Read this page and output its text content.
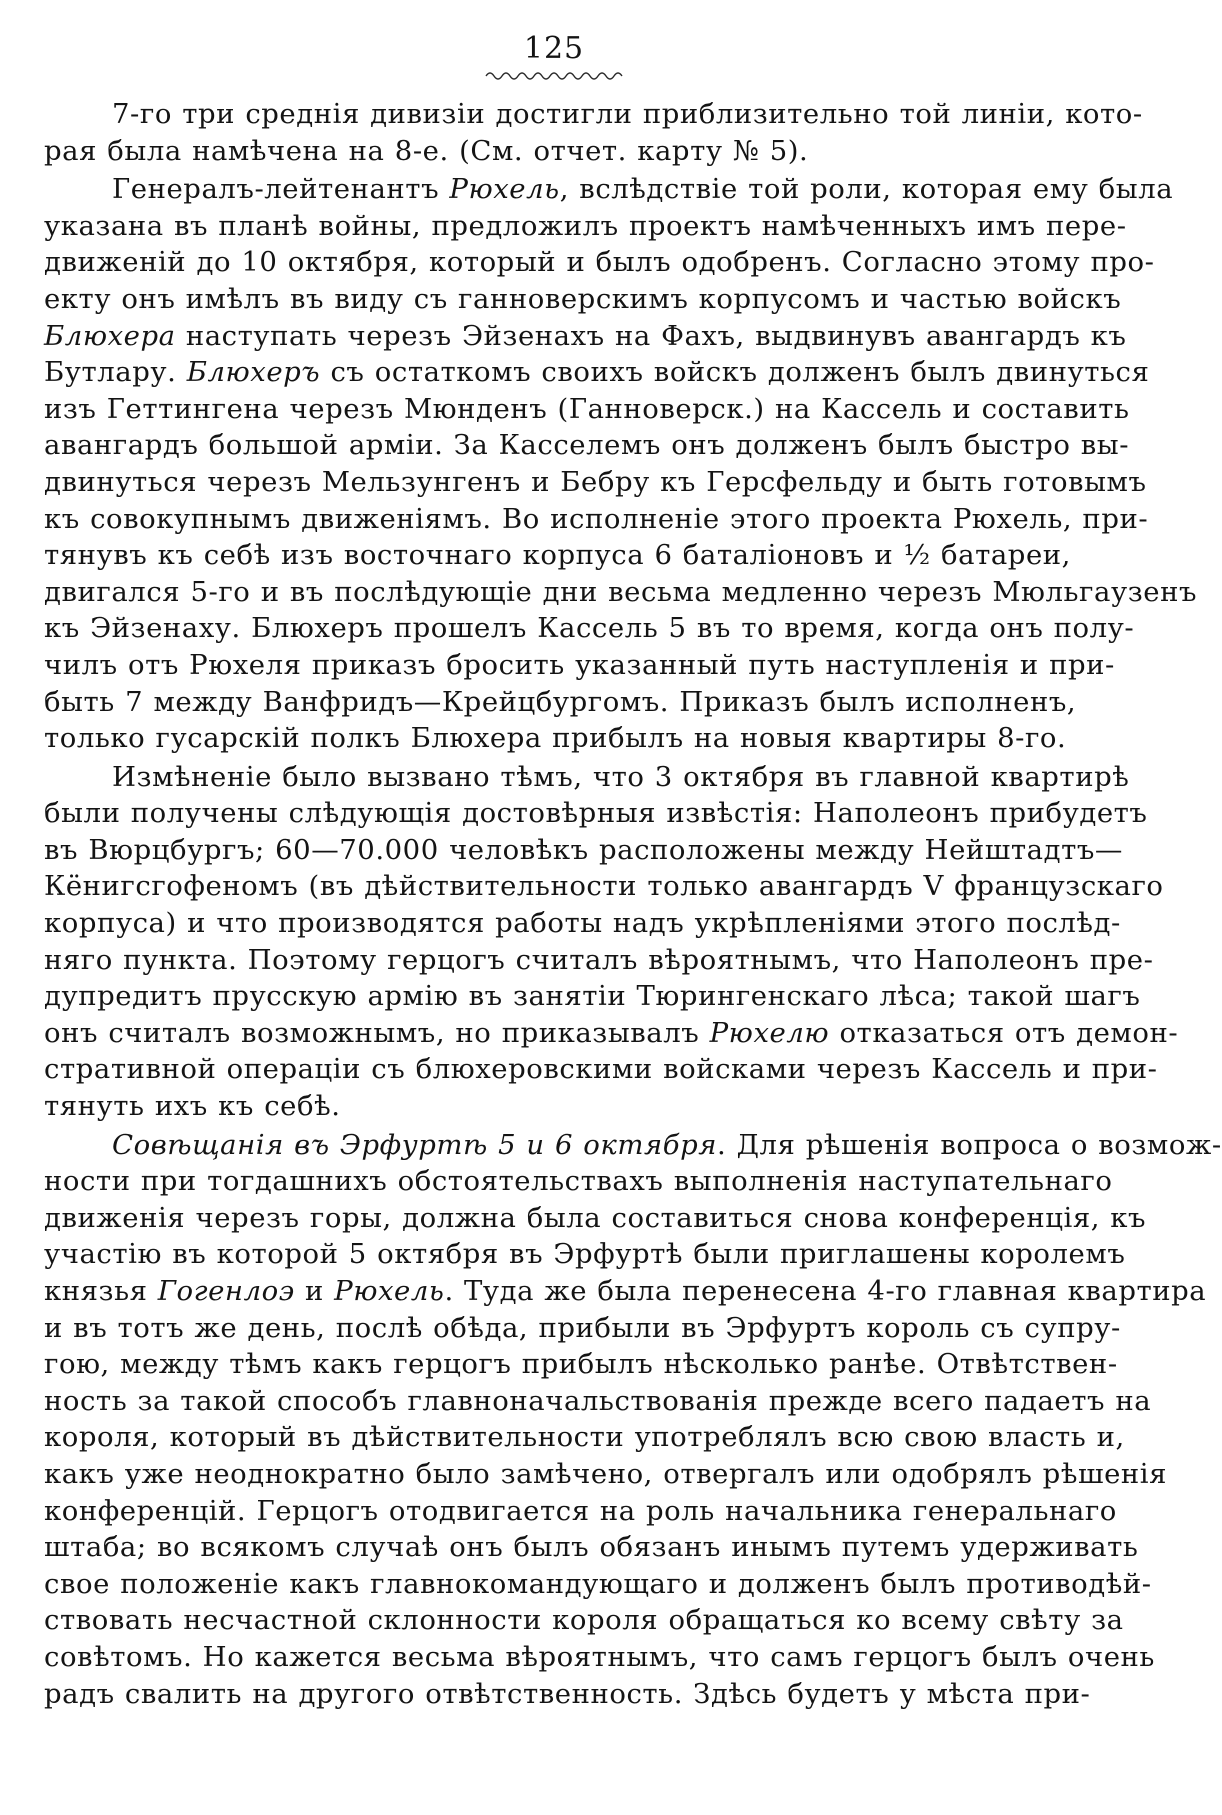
125
7-го три среднія дивизіи достигли приблизительно той линіи, кото-
рая была намѣчена на 8-е. (См. отчет. карту № 5).
Генералъ-лейтенантъ Рюхель, вслѣдствіе той роли, которая ему была
указана въ планѣ войны, предложилъ проектъ намѣченныхъ имъ пере-
движеній до 10 октября, который и былъ одобренъ. Согласно этому про-
екту онъ имѣлъ въ виду съ ганноверскимъ корпусомъ и частью войскъ
Блюхера наступать черезъ Эйзенахъ на Фахъ, выдвинувъ авангардъ къ
Бутлару. Блюхеръ съ остаткомъ своихъ войскъ долженъ былъ двинуться
изъ Геттингена черезъ Мюнденъ (Ганноверск.) на Кассель и составить
авангардъ большой арміи. За Касселемъ онъ долженъ былъ быстро вы-
двинуться черезъ Мельзунгенъ и Бебру къ Герсфельду и быть готовымъ
къ совокупнымъ движеніямъ. Во исполненіе этого проекта Рюхель, при-
тянувъ къ себѣ изъ восточнаго корпуса 6 баталіоновъ и ½ батареи,
двигался 5-го и въ послѣдующіе дни весьма медленно черезъ Мюльгаузенъ
къ Эйзенаху. Блюхеръ прошелъ Кассель 5 въ то время, когда онъ полу-
чилъ отъ Рюхеля приказъ бросить указанный путь наступленія и при-
быть 7 между Ванфридъ—Крейцбургомъ. Приказъ былъ исполненъ,
только гусарскій полкъ Блюхера прибылъ на новыя квартиры 8-го.
Измѣненіе было вызвано тѣмъ, что 3 октября въ главной квартирѣ
были получены слѣдующія достовѣрныя извѣстія: Наполеонъ прибудетъ
въ Вюрцбургъ; 60—70.000 человѣкъ расположены между Нейштадтъ—
Кёнигсгофеномъ (въ дѣйствительности только авангардъ V французскаго
корпуса) и что производятся работы надъ укрѣпленіями этого послѣд-
няго пункта. Поэтому герцогъ считалъ вѣроятнымъ, что Наполеонъ пре-
дупредитъ прусскую армію въ занятіи Тюрингенскаго лѣса; такой шагъ
онъ считалъ возможнымъ, но приказывалъ Рюхелю отказаться отъ демон-
стративной операціи съ блюхеровскими войсками черезъ Кассель и при-
тянуть ихъ къ себѣ.
Совѣщанія въ Эрфуртѣ 5 и 6 октября. Для рѣшенія вопроса о возмож-
ности при тогдашнихъ обстоятельствахъ выполненія наступательнаго
движенія черезъ горы, должна была составиться снова конференція, къ
участію въ которой 5 октября въ Эрфуртѣ были приглашены королемъ
князья Гогенлоэ и Рюхель. Туда же была перенесена 4-го главная квартира
и въ тотъ же день, послѣ обѣда, прибыли въ Эрфуртъ король съ супру-
гою, между тѣмъ какъ герцогъ прибылъ нѣсколько ранѣе. Отвѣтствен-
ность за такой способъ главноначальствованія прежде всего падаетъ на
короля, который въ дѣйствительности употреблялъ всю свою власть и,
какъ уже неоднократно было замѣчено, отвергалъ или одобрялъ рѣшенія
конференцій. Герцогъ отодвигается на роль начальника генеральнаго
штаба; во всякомъ случаѣ онъ былъ обязанъ инымъ путемъ удерживать
свое положеніе какъ главнокомандующаго и долженъ былъ противодѣй-
ствовать несчастной склонности короля обращаться ко всему свѣту за
совѣтомъ. Но кажется весьма вѣроятнымъ, что самъ герцогъ былъ очень
радъ свалить на другого отвѣтственность. Здѣсь будетъ у мѣста при-
